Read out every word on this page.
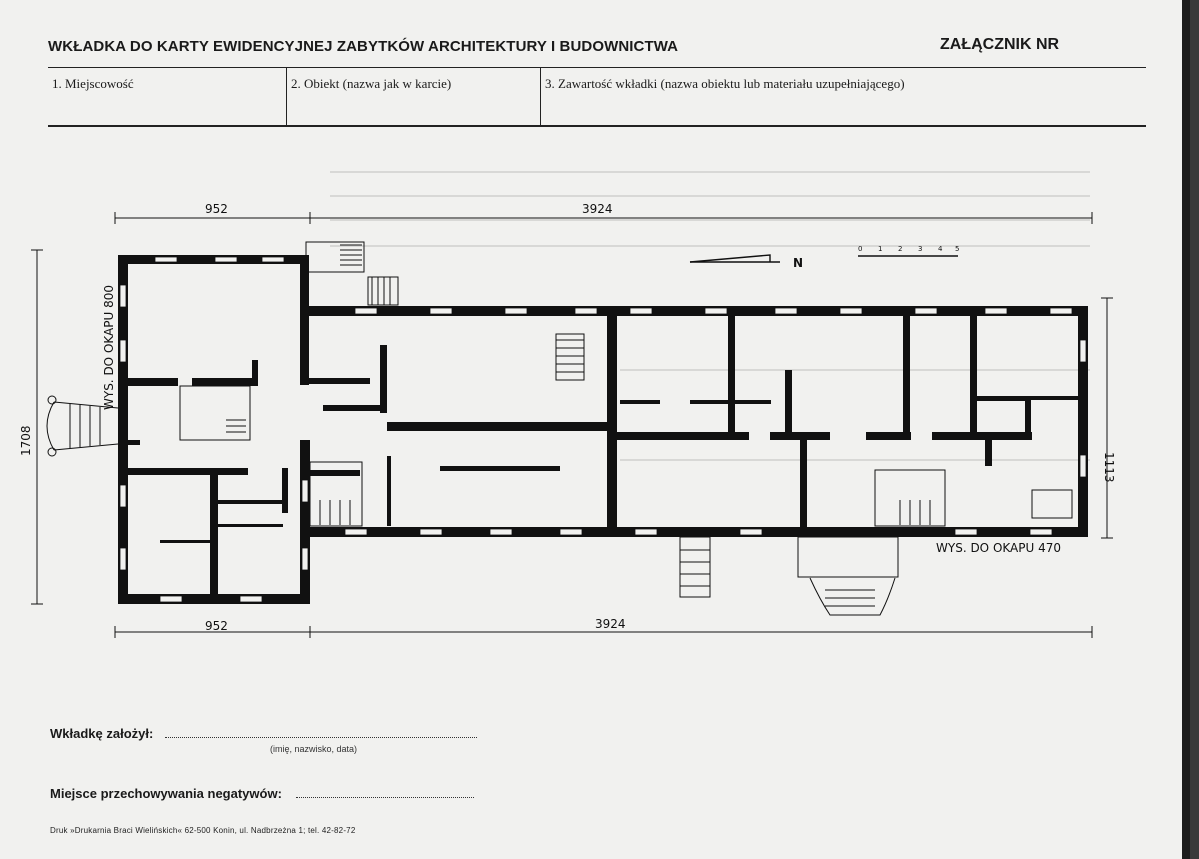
WKŁADKA DO KARTY EWIDENCYJNEJ ZABYTKÓW ARCHITEKTURY I BUDOWNICTWA	ZAŁĄCZNIK NR
1. Miejscowość	2. Obiekt (nazwa jak w karcie)	3. Zawartość wkładki (nazwa obiektu lub materiału uzupełniającego)
952	3924
952	3924
1708
1113
WYS. DO OKAPU 800
WYS. DO OKAPU 470
N
0 1 2 3 4 5
Wkładkę założył:
(imię, nazwisko, data)
Miejsce przechowywania negatywów:
Druk »Drukarnia Braci Wielińskich« 62-500 Konin, ul. Nadbrzeżna 1; tel. 42-82-72
